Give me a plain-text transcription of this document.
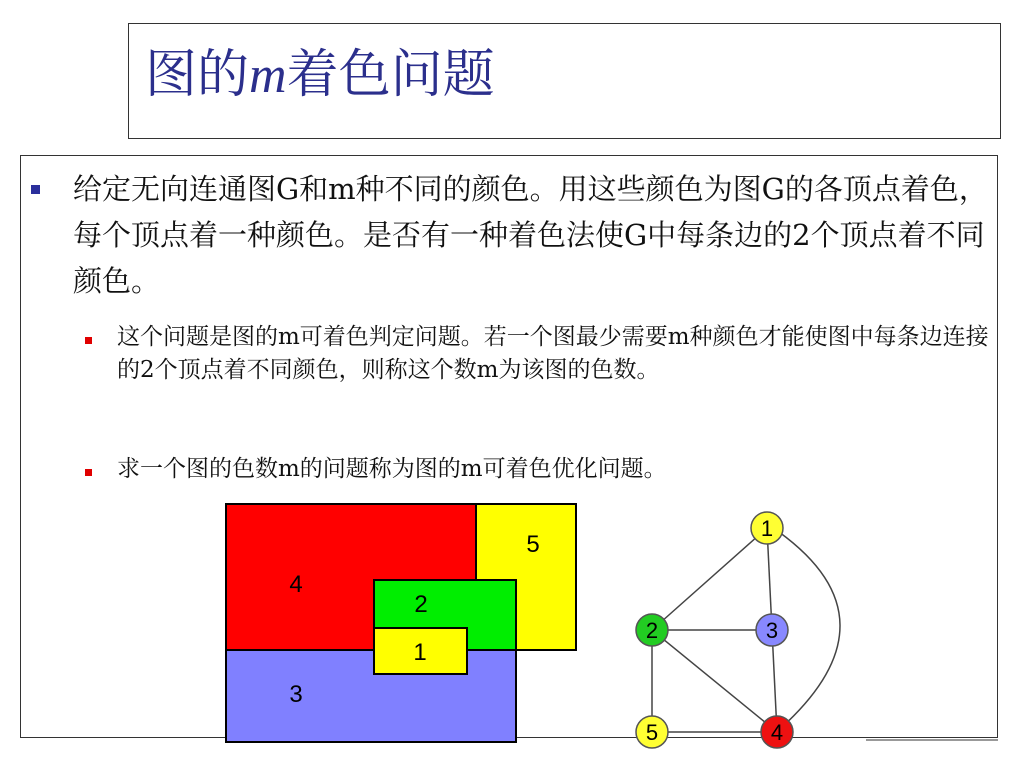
图的m着色问题
给定无向连通图G和m种不同的颜色。用这些颜色为图G的各顶点着色，每个顶点着一种颜色。是否有一种着色法使G中每条边的2个顶点着不同颜色。
这个问题是图的m可着色判定问题。若一个图最少需要m种颜色才能使图中每条边连接的2个顶点着不同颜色，则称这个数m为该图的色数。
求一个图的色数m的问题称为图的m可着色优化问题。
4
5
2
1
3
1
2	3
4
5
